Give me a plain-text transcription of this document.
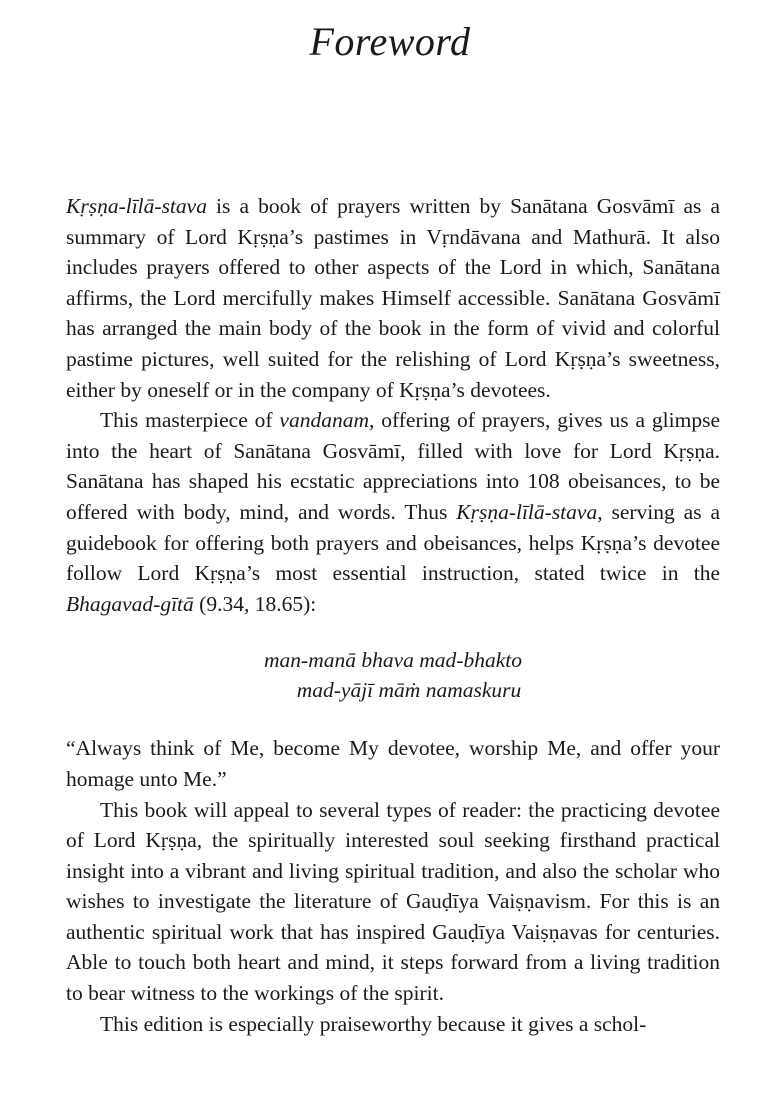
Foreword

Kṛṣṇa-līlā-stava is a book of prayers written by Sanātana Gosvāmī as a summary of Lord Kṛṣṇa’s pastimes in Vṛndāvana and Mathurā. It also includes prayers offered to other aspects of the Lord in which, Sanātana affirms, the Lord mercifully makes Himself accessible. Sanātana Gosvāmī has arranged the main body of the book in the form of vivid and colorful pastime pictures, well suited for the relishing of Lord Kṛṣṇa’s sweetness, either by oneself or in the company of Kṛṣṇa’s devotees.

This masterpiece of vandanam, offering of prayers, gives us a glimpse into the heart of Sanātana Gosvāmī, filled with love for Lord Kṛṣṇa. Sanātana has shaped his ecstatic appreciations into 108 obeisances, to be offered with body, mind, and words. Thus Kṛṣṇa-līlā-stava, serving as a guidebook for offering both prayers and obeisances, helps Kṛṣṇa’s devotee follow Lord Kṛṣṇa’s most essential instruction, stated twice in the Bhagavad-gītā (9.34, 18.65):

man-manā bhava mad-bhakto
mad-yājī māṁ namaskuru

“Always think of Me, become My devotee, worship Me, and offer your homage unto Me.”

This book will appeal to several types of reader: the practicing devotee of Lord Kṛṣṇa, the spiritually interested soul seeking firsthand practical insight into a vibrant and living spiritual tradition, and also the scholar who wishes to investigate the literature of Gauḍīya Vaiṣṇavism. For this is an authentic spiritual work that has inspired Gauḍīya Vaiṣṇavas for centuries. Able to touch both heart and mind, it steps forward from a living tradition to bear witness to the workings of the spirit.

This edition is especially praiseworthy because it gives a schol-
